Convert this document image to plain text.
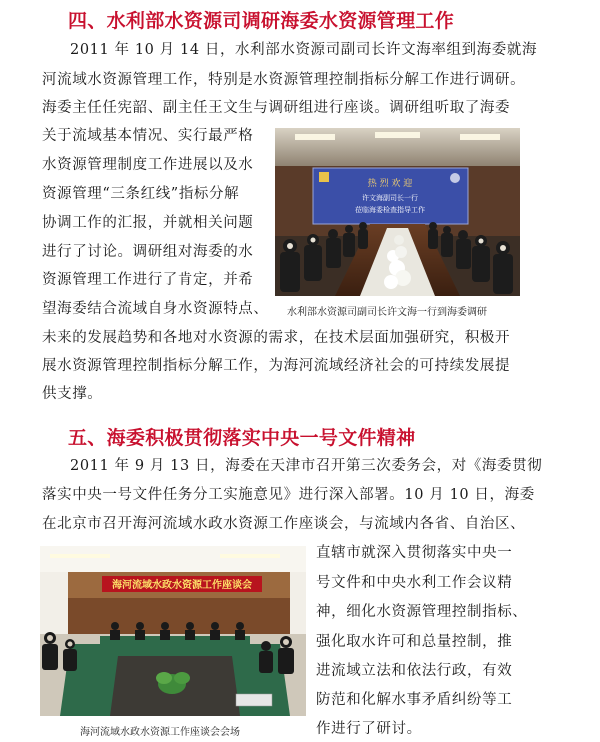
四、水利部水资源司调研海委水资源管理工作
2011 年 10 月 14 日，水利部水资源司副司长许文海率组到海委就海
河流域水资源管理工作，特别是水资源管理控制指标分解工作进行调研。
海委主任任宪韶、副主任王文生与调研组进行座谈。调研组听取了海委
关于流域基本情况、实行最严格
水资源管理制度工作进展以及水
资源管理“三条红线”指标分解
协调工作的汇报，并就相关问题
进行了讨论。调研组对海委的水
资源管理工作进行了肯定，并希
望海委结合流域自身水资源特点、
未来的发展趋势和各地对水资源的需求，在技术层面加强研究，积极开
展水资源管理控制指标分解工作，为海河流域经济社会的可持续发展提
供支撑。
热 烈 欢 迎
许文海副司长一行
莅临海委检查指导工作
水利部水资源司副司长许文海一行到海委调研
五、海委积极贯彻落实中央一号文件精神
2011 年 9 月 13 日，海委在天津市召开第三次委务会，对《海委贯彻
落实中央一号文件任务分工实施意见》进行深入部署。10 月 10 日，海委
在北京市召开海河流域水政水资源工作座谈会，与流域内各省、自治区、
直辖市就深入贯彻落实中央一
号文件和中央水利工作会议精
神，细化水资源管理控制指标、
强化取水许可和总量控制，推
进流域立法和依法行政，有效
防范和化解水事矛盾纠纷等工
作进行了研讨。
海河流域水政水资源工作座谈会
海河流域水政水资源工作座谈会会场
